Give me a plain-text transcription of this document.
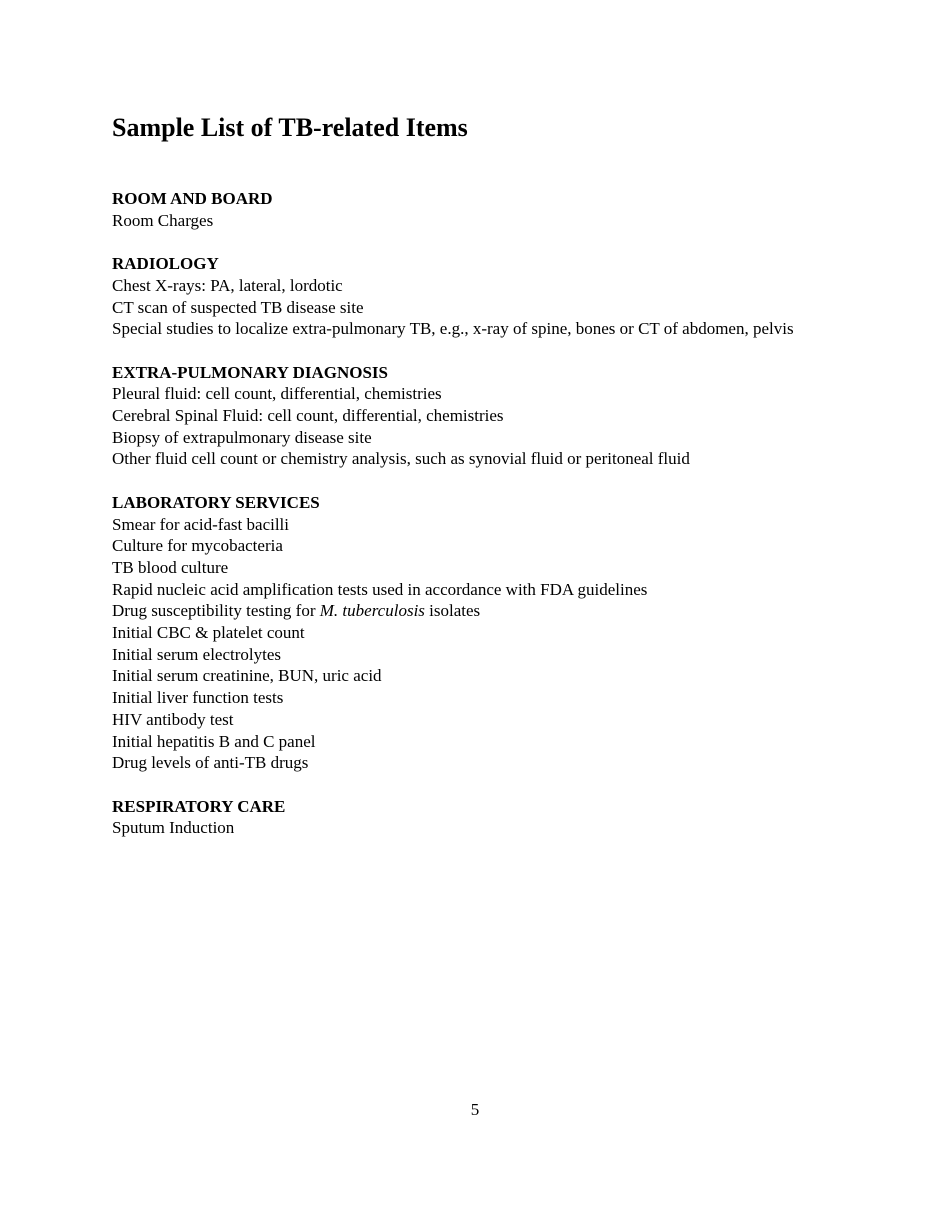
Sample List of TB-related Items
ROOM AND BOARD
Room Charges
RADIOLOGY
Chest X-rays: PA, lateral, lordotic
CT scan of suspected TB disease site
Special studies to localize extra-pulmonary TB, e.g., x-ray of spine, bones or CT of abdomen, pelvis
EXTRA-PULMONARY DIAGNOSIS
Pleural fluid: cell count, differential, chemistries
Cerebral Spinal Fluid: cell count, differential, chemistries
Biopsy of extrapulmonary disease site
Other fluid cell count or chemistry analysis, such as synovial fluid or peritoneal fluid
LABORATORY SERVICES
Smear for acid-fast bacilli
Culture for mycobacteria
TB blood culture
Rapid nucleic acid amplification tests used in accordance with FDA guidelines
Drug susceptibility testing for M. tuberculosis isolates
Initial CBC & platelet count
Initial serum electrolytes
Initial serum creatinine, BUN, uric acid
Initial liver function tests
HIV antibody test
Initial hepatitis B and C panel
Drug levels of anti-TB drugs
RESPIRATORY CARE
Sputum Induction
5
